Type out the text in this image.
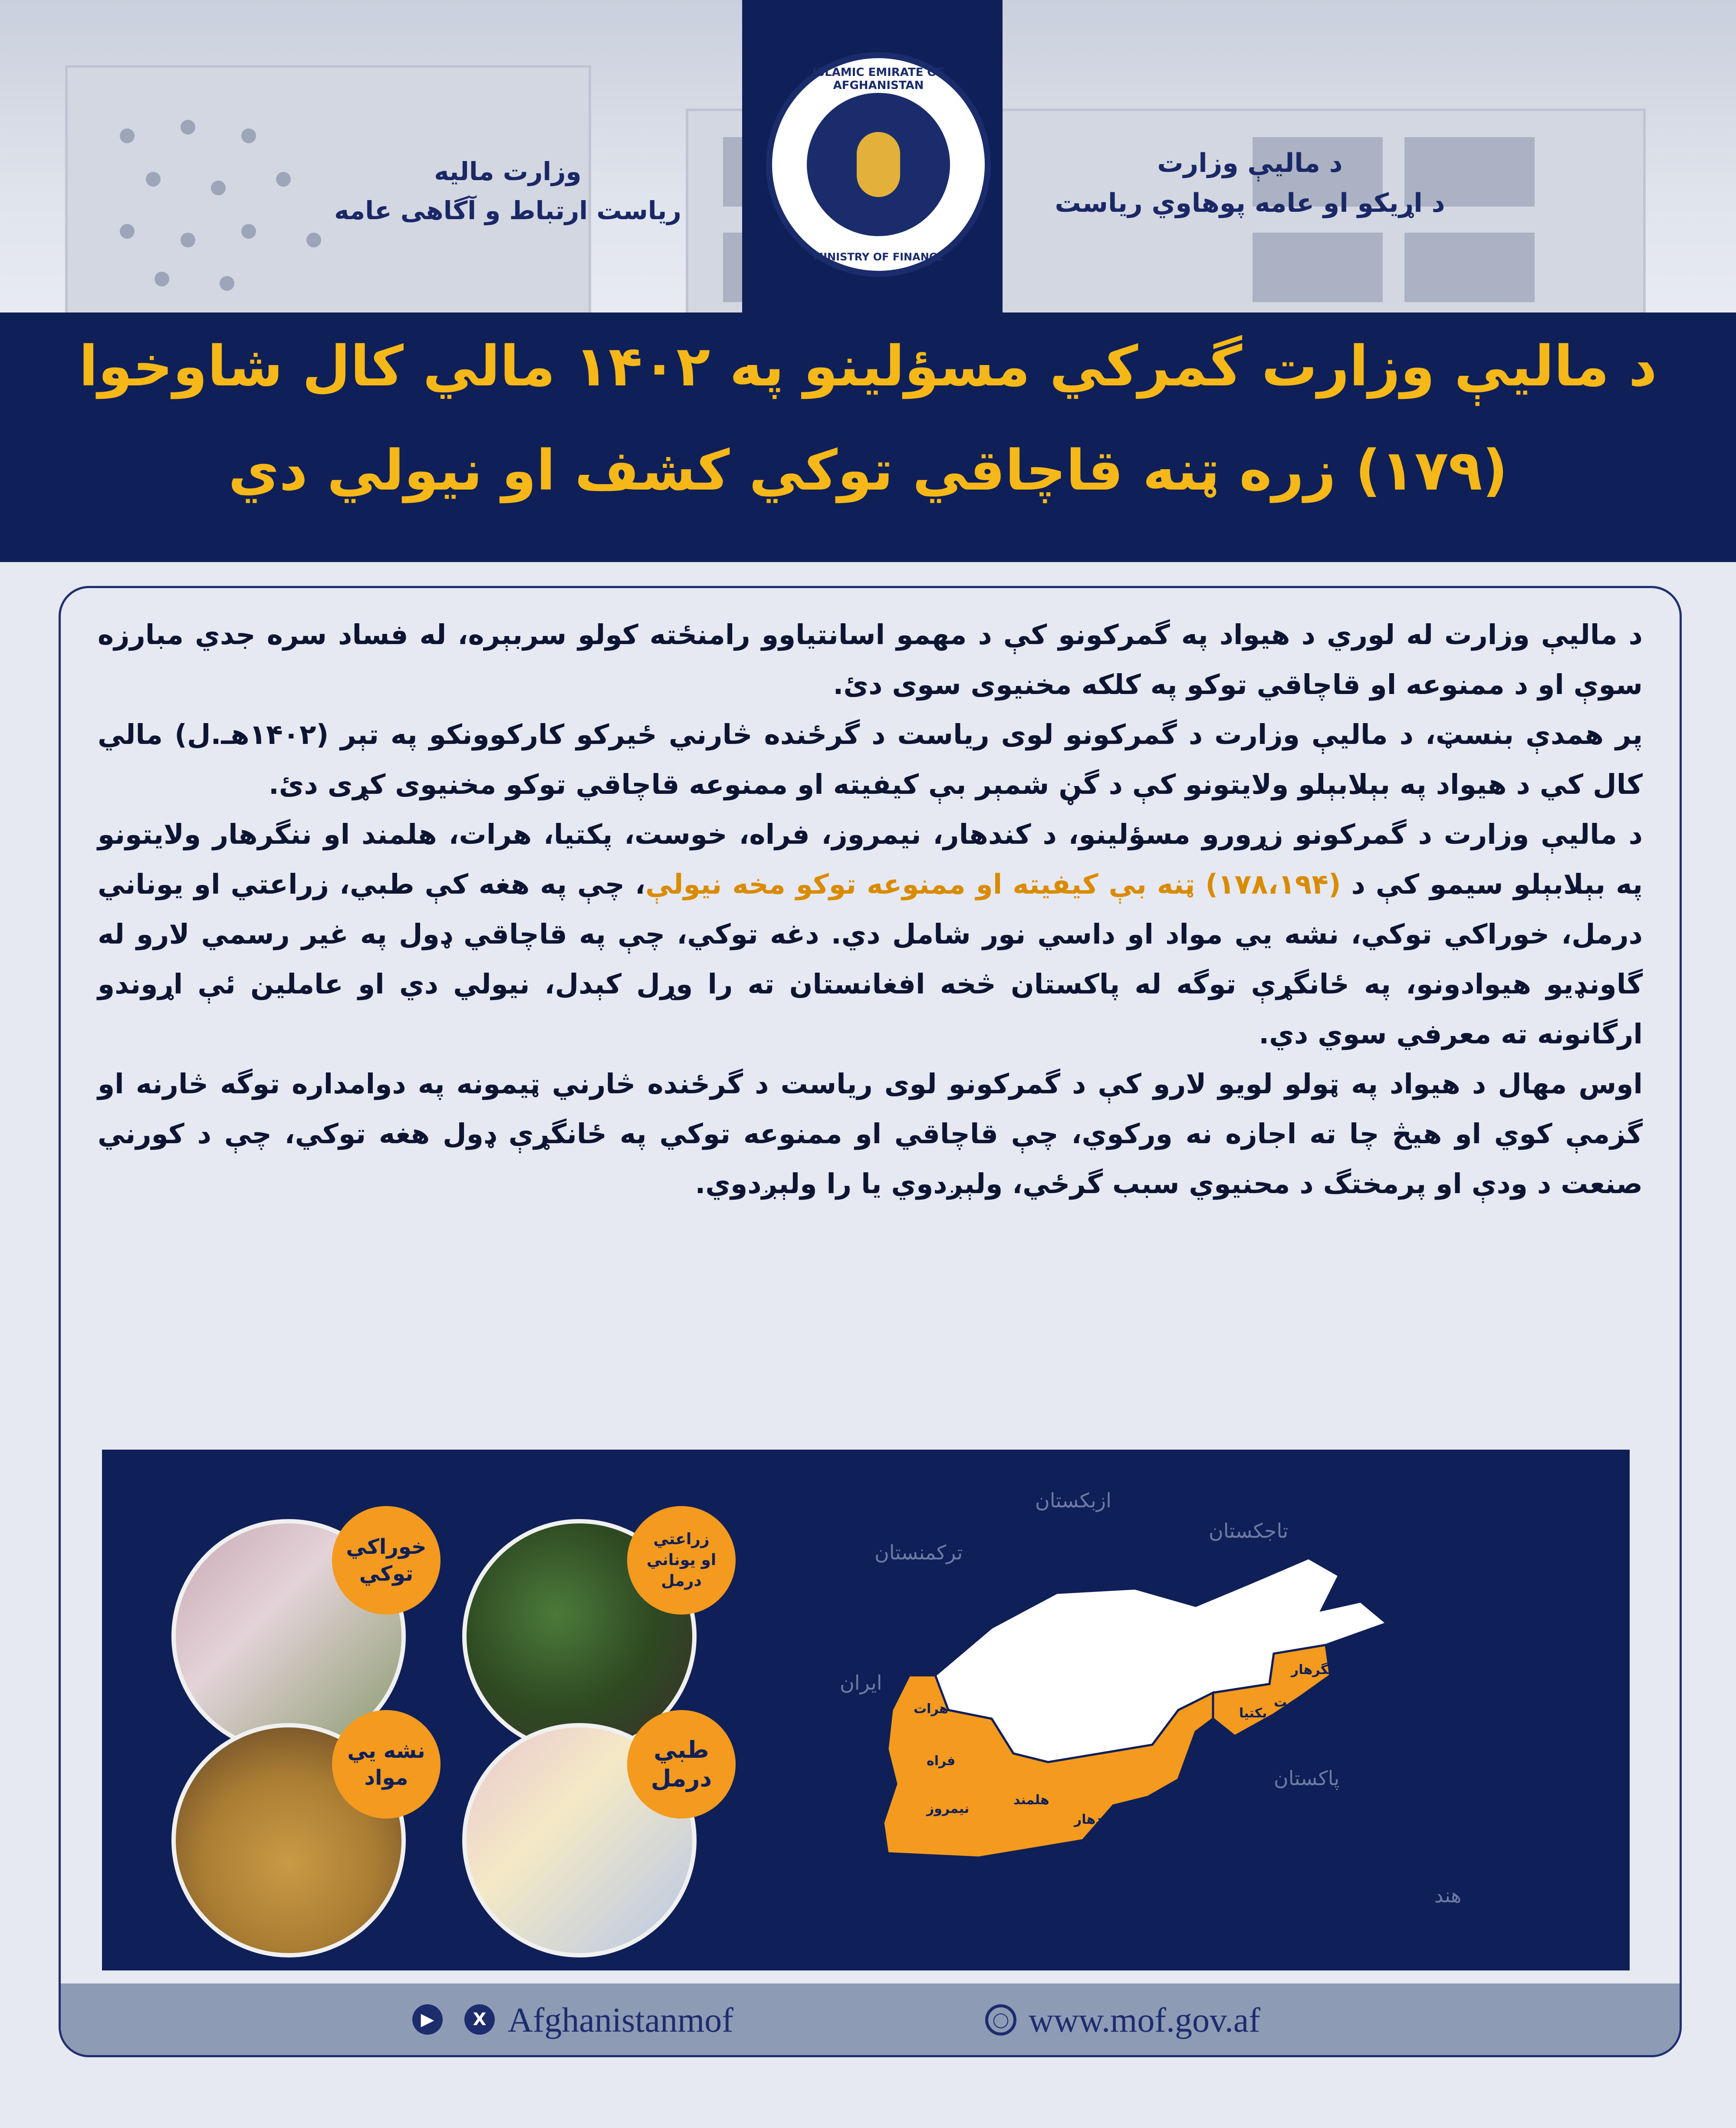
وزارت مالیه
ریاست ارتباط و آگاهی عامه
ISLAMIC EMIRATE OF AFGHANISTAN
MINISTRY OF FINANCE
د مالیې وزارت
د اړیکو او عامه پوهاوي ریاست
د مالیې وزارت گمرکي مسؤلینو په ۱۴۰۲ مالي کال شاوخوا
(۱۷۹) زره ټنه قاچاقي توکي کشف او نیولي دي

د مالیې وزارت له لوري د هیواد په گمرکونو کې د مهمو اسانتیاوو رامنځته کولو سربېره، له فساد سره جدي مبارزه سوې او د ممنوعه او قاچاقي توکو په کلکه مخنیوی سوی دئ.

پر همدې بنسټ، د مالیې وزارت د گمرکونو لوی ریاست د گرځنده څارني ځیرکو کارکوونکو په تېر (۱۴۰۲هـ.ل) مالي کال کي د هیواد په بېلابېلو ولایتونو کې د گڼ شمېر بې کیفیته او ممنوعه قاچاقي توکو مخنیوی کړی دئ.

د مالیې وزارت د گمرکونو زړورو مسؤلینو، د کندهار، نیمروز، فراه، خوست، پکتیا، هرات، هلمند او ننگرهار ولایتونو په بېلابېلو سیمو کې د (۱۷۸،۱۹۴) ټنه بې کیفیته او ممنوعه توکو مخه نیولې، چې په هغه کې طبي، زراعتي او یوناني درمل، خوراکي توکي، نشه یي مواد او داسي نور شامل دي. دغه توکي، چې په قاچاقي ډول په غیر رسمي لارو له گاونډیو هیوادونو، په ځانگړې توگه له پاکستان څخه افغانستان ته را وړل کېدل، نیولي دي او عاملین ئې اړوندو ارگانونه ته معرفي سوي دي.

اوس مهال د هیواد په ټولو لویو لارو کې د گمرکونو لوی ریاست د گرځنده څارني ټیمونه په دوامداره توگه څارنه او گزمې کوي او هیڅ چا ته اجازه نه ورکوي، چې قاچاقي او ممنوعه توکي په ځانگړې ډول هغه توکي، چې د کورني صنعت د ودې او پرمختگ د محنیوي سبب گرځي، ولېږدوي یا را ولېږدوي.

ازبکستان
تاجکستان
ترکمنستان
ایران
پاکستان
هند
هرات
فراه
نیمروز
هلمند
کندهار
پکتیا
ننگرهار
خوست
خوراکي
توکي
زراعتي
او یوناني
درمل
نشه یي
مواد
طبي
درمل
▶	X Afghanistanmof	◯ www.mof.gov.af
